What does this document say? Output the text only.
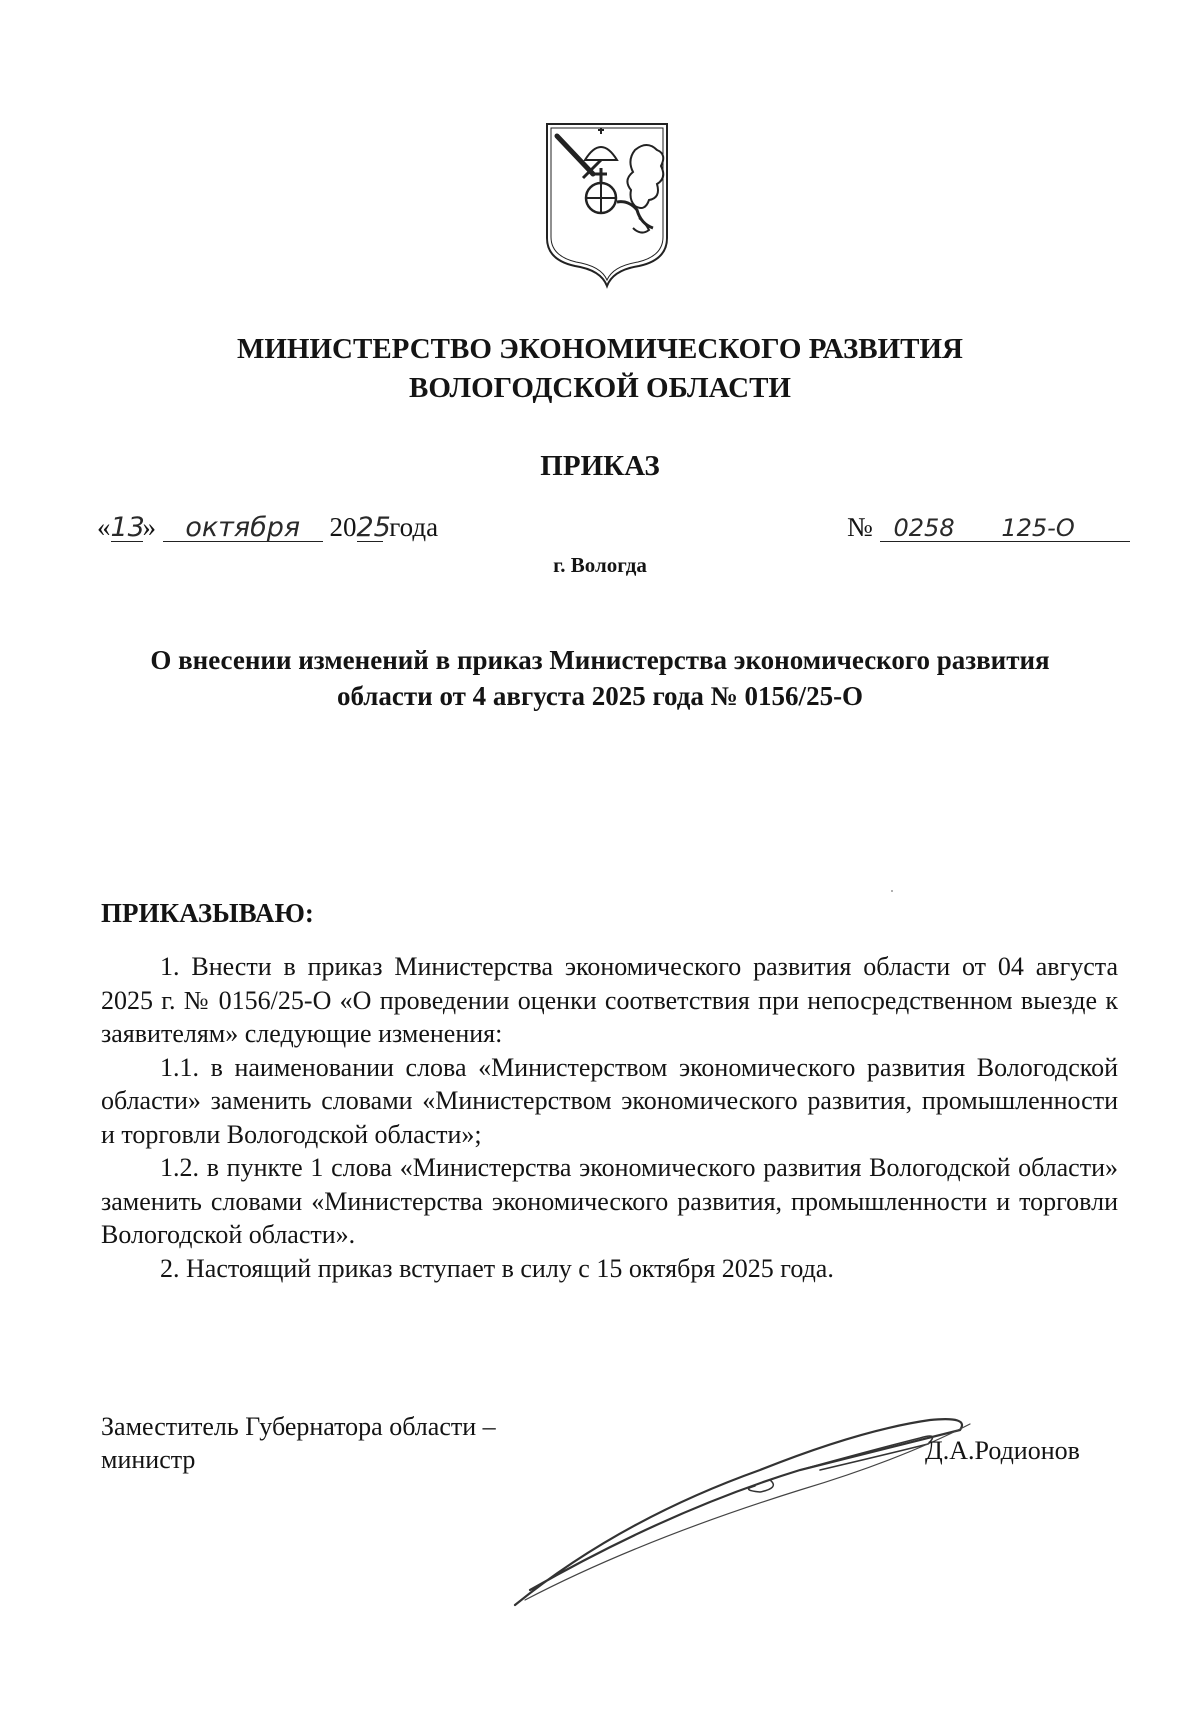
МИНИСТЕРСТВО ЭКОНОМИЧЕСКОГО РАЗВИТИЯ
ВОЛОГОДСКОЙ ОБЛАСТИ
ПРИКАЗ
«13» октября 2025 года	№ 0258 125-О
г. Вологда
О внесении изменений в приказ Министерства экономического развития
области от 4 августа 2025 года № 0156/25-О
ПРИКАЗЫВАЮ:

1. Внести в приказ Министерства экономического развития области от 04 августа 2025 г. № 0156/25-О «О проведении оценки соответствия при непосредственном выезде к заявителям» следующие изменения:

1.1. в наименовании слова «Министерством экономического развития Вологодской области» заменить словами «Министерством экономического развития, промышленности и торговли Вологодской области»;

1.2. в пункте 1 слова «Министерства экономического развития Вологодской области» заменить словами «Министерства экономического развития, промышленности и торговли Вологодской области».

2. Настоящий приказ вступает в силу с 15 октября 2025 года.

Заместитель Губернатора области –
министр	Д.А.Родионов
